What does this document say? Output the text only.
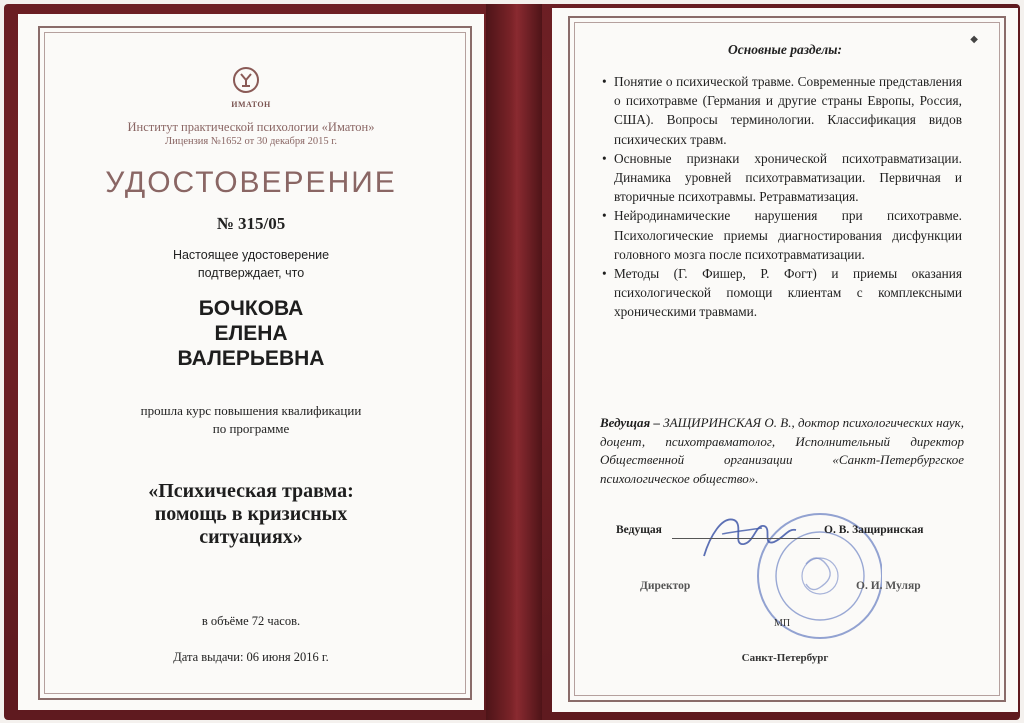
ИМАТОН
Институт практической психологии «Иматон»
Лицензия №1652 от 30 декабря 2015 г.
УДОСТОВЕРЕНИЕ
№ 315/05
Настоящее удостоверение
подтверждает, что
БОЧКОВА
ЕЛЕНА
ВАЛЕРЬЕВНА
прошла курс повышения квалификации
по программе
«Психическая травма:
помощь в кризисных
ситуациях»
в объёме 72 часов.
Дата выдачи: 06 июня 2016 г.
◆
Основные разделы:
• Понятие о психической травме. Современные представления о психотравме (Германия и другие страны Европы, Россия, США). Вопросы терминологии. Классификация видов психических травм.
• Основные признаки хронической психотравматизации. Динамика уровней психотравматизации. Первичная и вторичные психотравмы. Ретравматизация.
• Нейродинамические нарушения при психотравме. Психологические приемы диагностирования дисфункции головного мозга после психотравматизации.
• Методы (Г. Фишер, Р. Фогт) и приемы оказания психологической помощи клиентам с комплексными хроническими травмами.
Ведущая – ЗАЩИРИНСКАЯ О. В., доктор психологических наук, доцент, психотравматолог, Исполнительный директор Общественной организации «Санкт-Петербургское психологическое общество».
Ведущая	О. В. Защиринская
Директор	О. И. Муляр
МП
Санкт-Петербург
